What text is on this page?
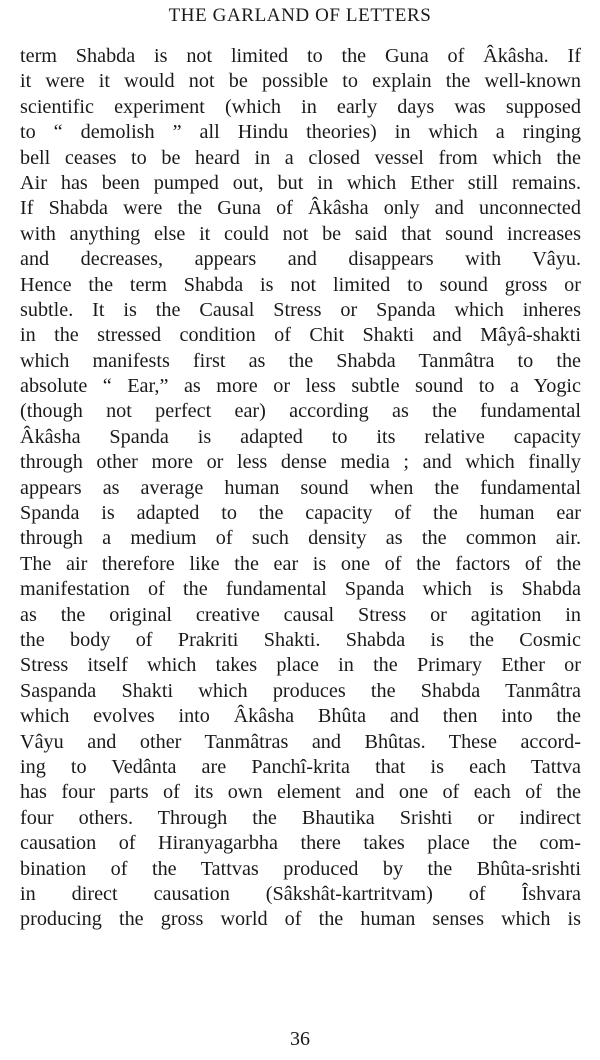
THE GARLAND OF LETTERS
term Shabda is not limited to the Guna of Âkâsha. If
it were it would not be possible to explain the well-known
scientific experiment (which in early days was supposed
to “ demolish ” all Hindu theories) in which a ringing
bell ceases to be heard in a closed vessel from which the
Air has been pumped out, but in which Ether still remains.
If Shabda were the Guna of Âkâsha only and unconnected
with anything else it could not be said that sound increases
and decreases, appears and disappears with Vâyu.
Hence the term Shabda is not limited to sound gross or
subtle. It is the Causal Stress or Spanda which inheres
in the stressed condition of Chit Shakti and Mâyâ-shakti
which manifests first as the Shabda Tanmâtra to the
absolute “ Ear,” as more or less subtle sound to a Yogic
(though not perfect ear) according as the fundamental
Âkâsha Spanda is adapted to its relative capacity
through other more or less dense media ; and which finally
appears as average human sound when the fundamental
Spanda is adapted to the capacity of the human ear
through a medium of such density as the common air.
The air therefore like the ear is one of the factors of the
manifestation of the fundamental Spanda which is Shabda
as the original creative causal Stress or agitation in
the body of Prakriti Shakti. Shabda is the Cosmic
Stress itself which takes place in the Primary Ether or
Saspanda Shakti which produces the Shabda Tanmâtra
which evolves into Âkâsha Bhûta and then into the
Vâyu and other Tanmâtras and Bhûtas. These accord-
ing to Vedânta are Panchî-krita that is each Tattva
has four parts of its own element and one of each of the
four others. Through the Bhautika Srishti or indirect
causation of Hiranyagarbha there takes place the com-
bination of the Tattvas produced by the Bhûta-srishti
in direct causation (Sâkshât-kartritvam) of Îshvara
producing the gross world of the human senses which is
36
